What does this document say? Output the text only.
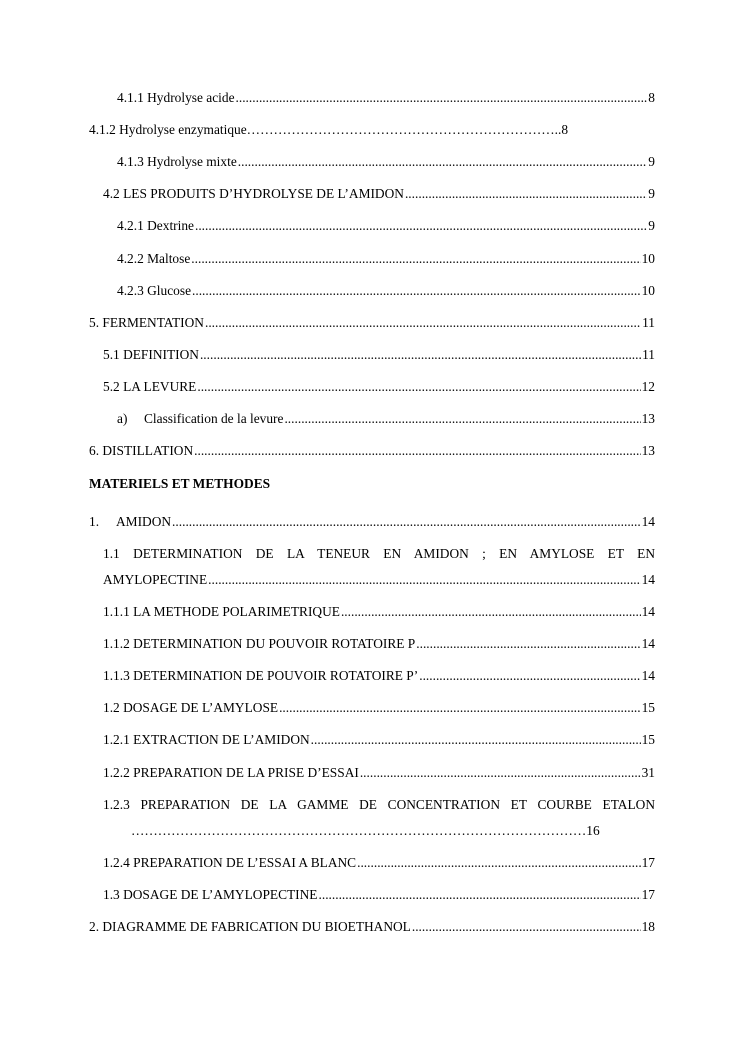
4.1.1 Hydrolyse acide .....	8
4.1.2 Hydrolyse enzymatique……………………………………………………………..8
4.1.3 Hydrolyse mixte .....	9
4.2 LES PRODUITS D’HYDROLYSE DE L’AMIDON .....	9
4.2.1 Dextrine .....	9
4.2.2 Maltose .....	10
4.2.3 Glucose .....	10
5. FERMENTATION .....	11
5.1 DEFINITION .....	11
5.2 LA LEVURE .....	12
a) Classification de la levure .....	13
6. DISTILLATION .....	13
MATERIELS ET METHODES
1. AMIDON .....	14
1.1 DETERMINATION DE LA TENEUR EN AMIDON ; EN AMYLOSE ET EN
AMYLOPECTINE .....	14
1.1.1 LA METHODE POLARIMETRIQUE .....	14
1.1.2 DETERMINATION DU POUVOIR ROTATOIRE P .....	14
1.1.3 DETERMINATION DE POUVOIR ROTATOIRE P’ .....	14
1.2 DOSAGE DE L’AMYLOSE .....	15
1.2.1 EXTRACTION DE L’AMIDON .....	15
1.2.2 PREPARATION DE LA PRISE D’ESSAI .....	31
1.2.3 PREPARATION DE LA GAMME DE CONCENTRATION ET COURBE ETALON
…………………………………………………………………………………………16
1.2.4 PREPARATION DE L’ESSAI A BLANC .....	17
1.3 DOSAGE DE L’AMYLOPECTINE .....	17
2. DIAGRAMME DE FABRICATION DU BIOETHANOL .....	18
